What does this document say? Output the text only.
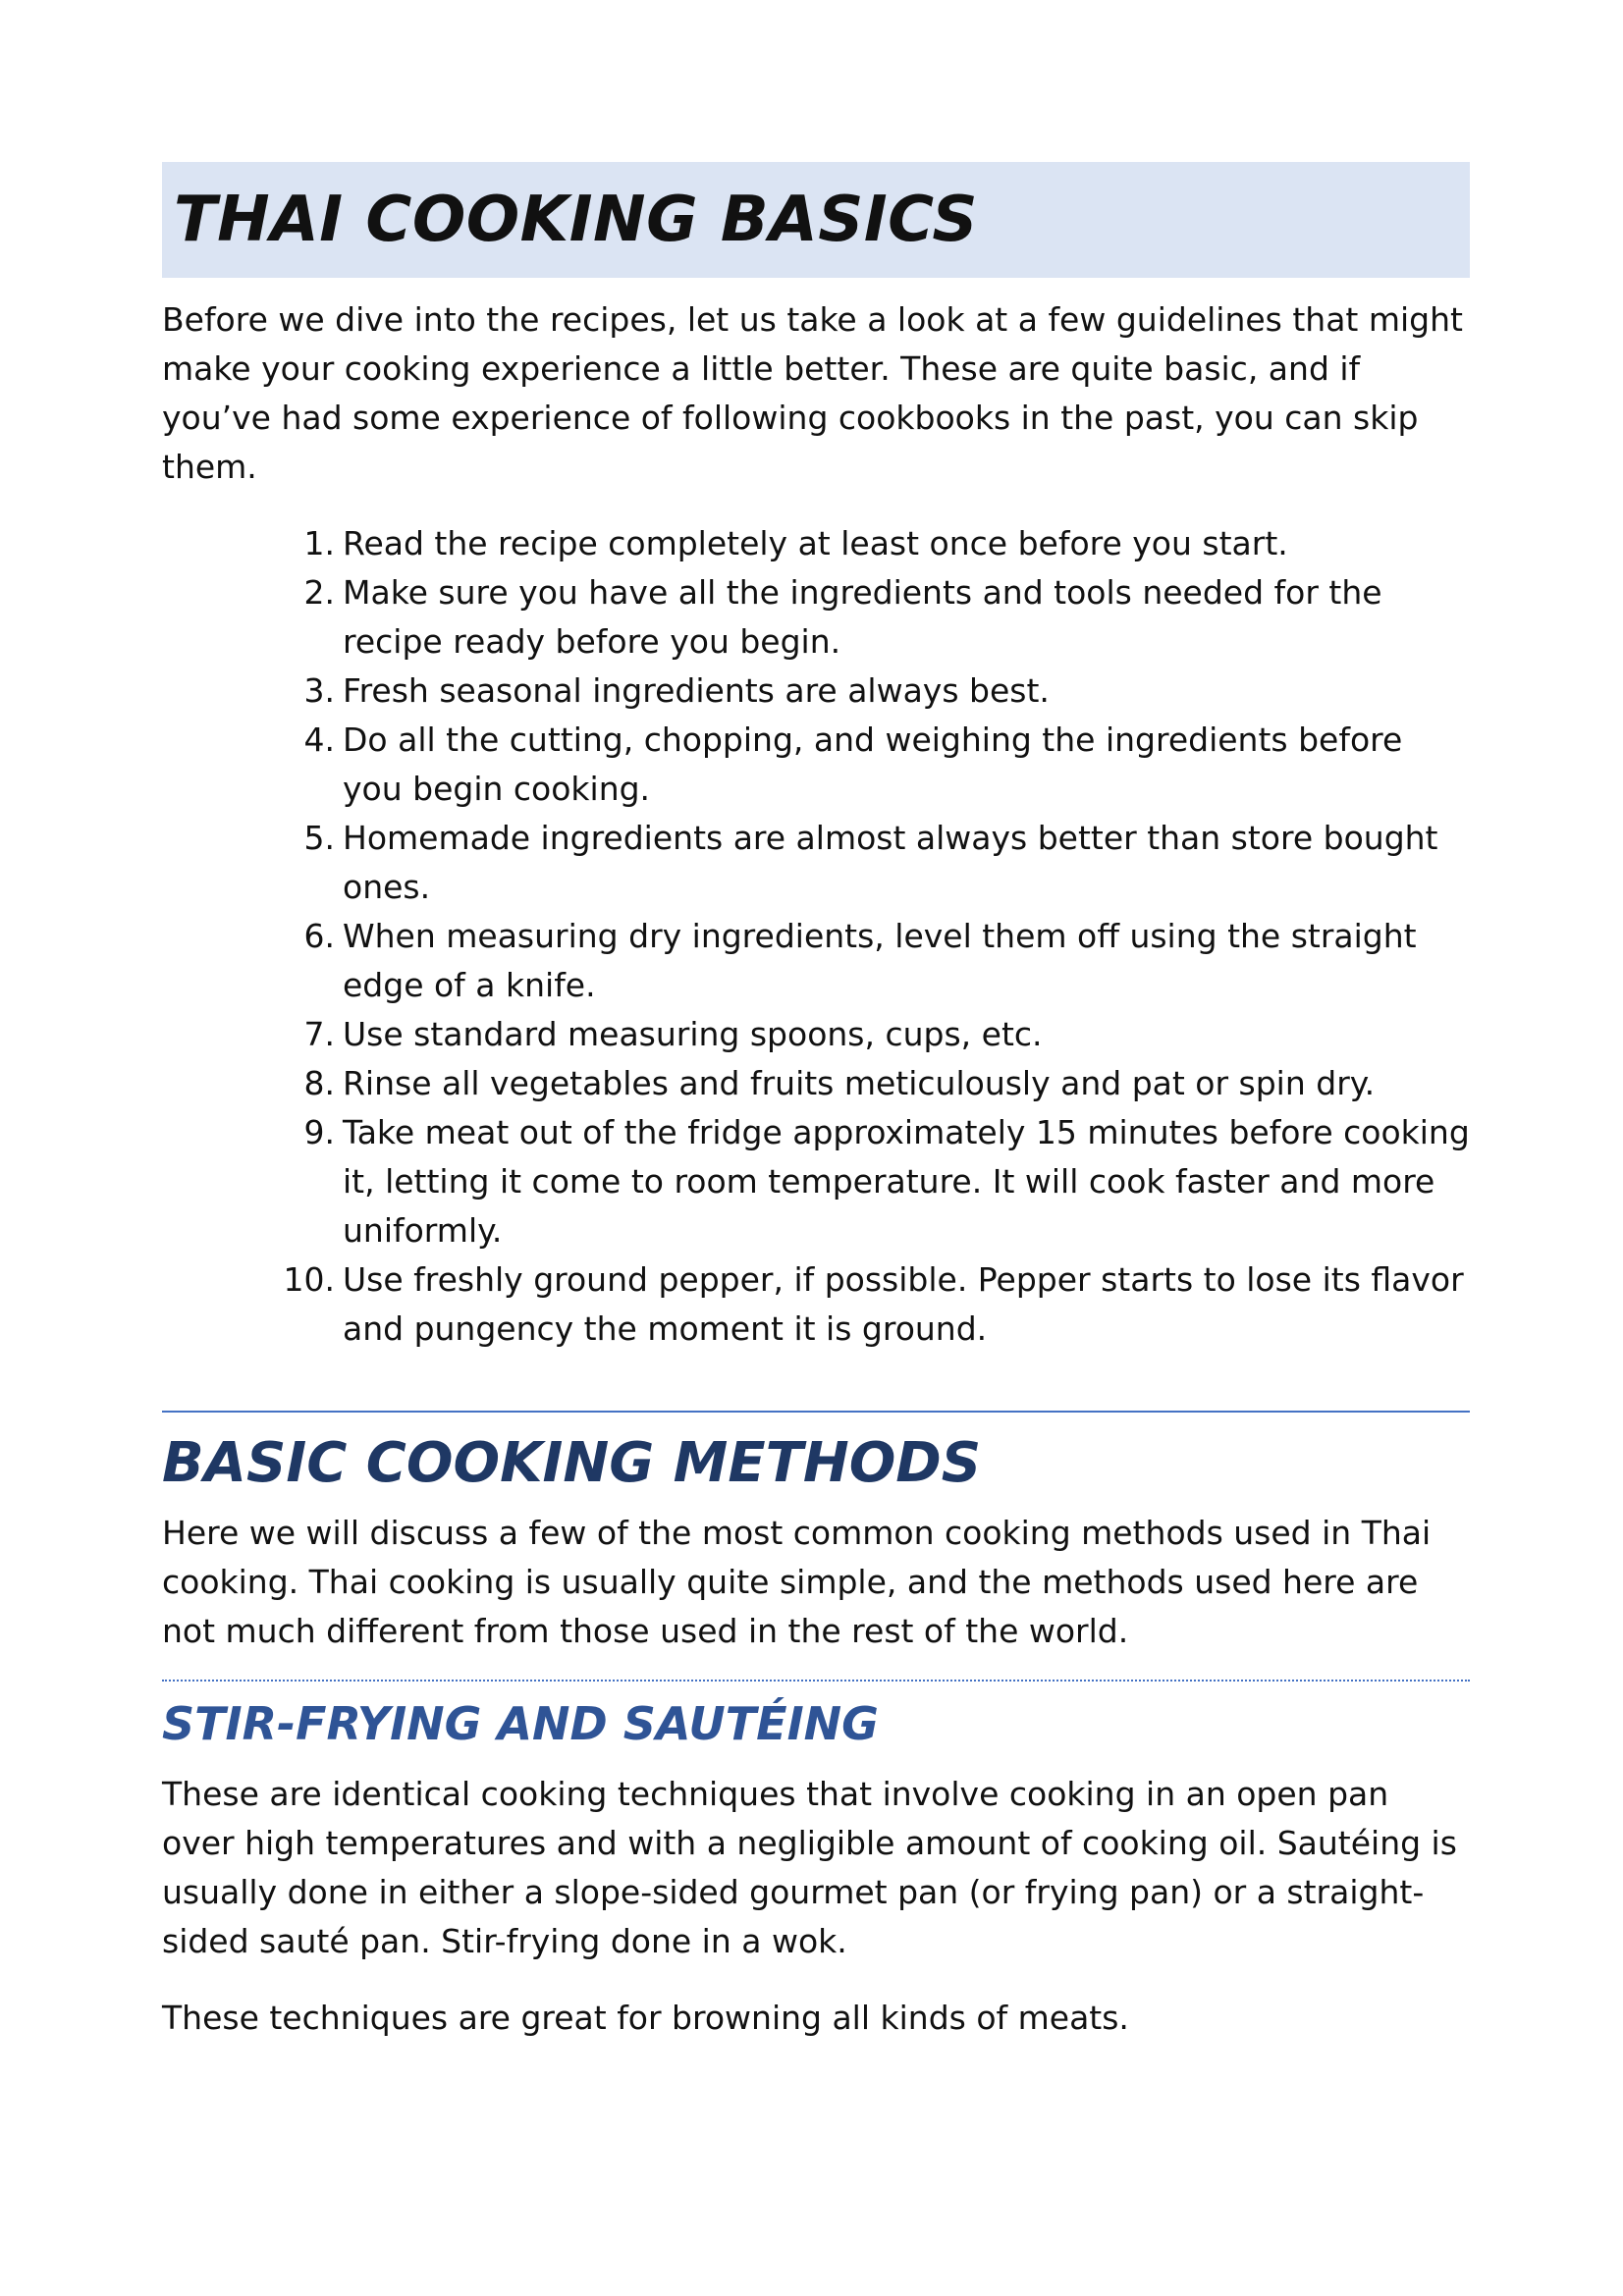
THAI COOKING BASICS

Before we dive into the recipes, let us take a look at a few guidelines that might make your cooking experience a little better. These are quite basic, and if you’ve had some experience of following cookbooks in the past, you can skip them.

1. Read the recipe completely at least once before you start.
2. Make sure you have all the ingredients and tools needed for the recipe ready before you begin.
3. Fresh seasonal ingredients are always best.
4. Do all the cutting, chopping, and weighing the ingredients before you begin cooking.
5. Homemade ingredients are almost always better than store bought ones.
6. When measuring dry ingredients, level them off using the straight edge of a knife.
7. Use standard measuring spoons, cups, etc.
8. Rinse all vegetables and fruits meticulously and pat or spin dry.
9. Take meat out of the fridge approximately 15 minutes before cooking it, letting it come to room temperature. It will cook faster and more uniformly.
10. Use freshly ground pepper, if possible. Pepper starts to lose its flavor and pungency the moment it is ground.
BASIC COOKING METHODS

Here we will discuss a few of the most common cooking methods used in Thai cooking. Thai cooking is usually quite simple, and the methods used here are not much different from those used in the rest of the world.

STIR-FRYING AND SAUTÉING

These are identical cooking techniques that involve cooking in an open pan over high temperatures and with a negligible amount of cooking oil. Sautéing is usually done in either a slope-sided gourmet pan (or frying pan) or a straight-sided sauté pan. Stir-frying done in a wok.

These techniques are great for browning all kinds of meats.
